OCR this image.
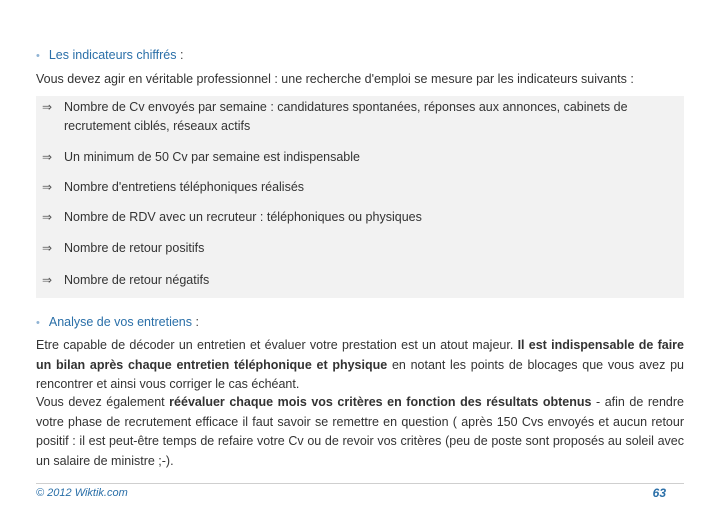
• Les indicateurs chiffrés :
Vous devez agir en véritable professionnel : une recherche d'emploi se mesure par les indicateurs suivants :
⇒ Nombre de Cv envoyés par semaine : candidatures spontanées, réponses aux annonces, cabinets de recrutement ciblés, réseaux actifs
⇒ Un minimum de 50 Cv par semaine est indispensable
⇒ Nombre d'entretiens téléphoniques réalisés
⇒ Nombre de RDV avec un recruteur : téléphoniques ou physiques
⇒ Nombre de retour positifs
⇒ Nombre de retour négatifs
• Analyse de vos entretiens :
Etre capable de décoder un entretien et évaluer votre prestation est un atout majeur. Il est indispensable de faire un bilan après chaque entretien téléphonique et physique en notant les points de blocages que vous avez pu rencontrer et ainsi vous corriger le cas échéant.
Vous devez également réévaluer chaque mois vos critères en fonction des résultats obtenus - afin de rendre votre phase de recrutement efficace il faut savoir se remettre en question ( après 150 Cvs envoyés et aucun retour positif : il est peut-être temps de refaire votre Cv ou de revoir vos critères (peu de poste sont proposés au soleil avec un salaire de ministre ;-).
© 2012 Wiktik.com	63
